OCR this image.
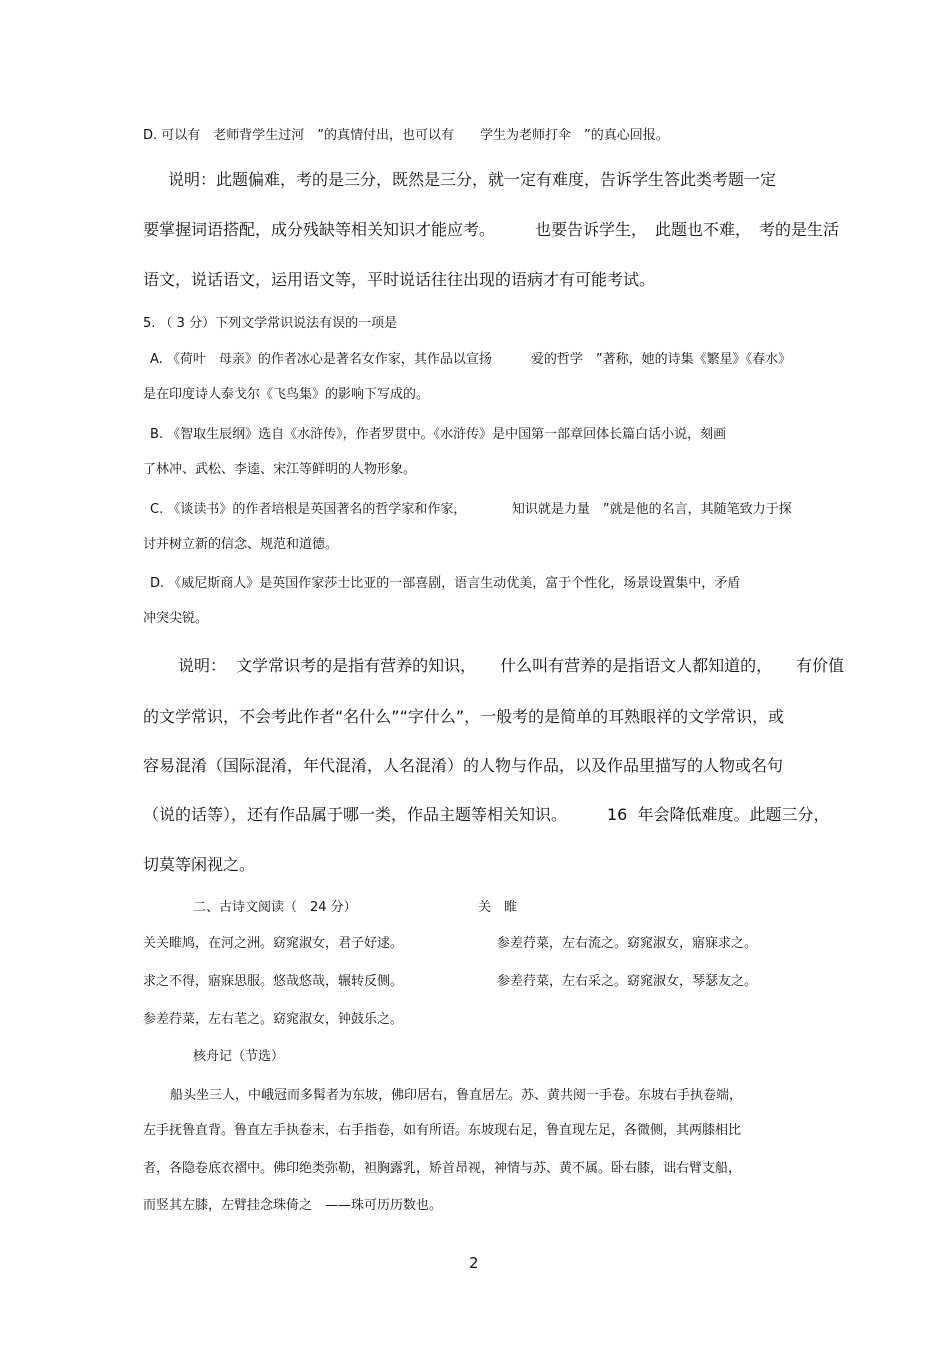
D. 可以有　老师背学生过河　”的真情付出，也可以有　　学生为老师打伞　”的真心回报。
说明：此题偏难，考的是三分，既然是三分，就一定有难度，告诉学生答此类考题一定
要掌握词语搭配，成分残缺等相关知识才能应考。　　　也要告诉学生，　此题也不难，　考的是生活
语文，说话语文，运用语文等，平时说话往往出现的语病才有可能考试。
5. （ 3 分）下列文学常识说法有误的一项是
A. 《荷叶　母亲》的作者冰心是著名女作家，其作品以宣扬　　　爱的哲学　”著称，她的诗集《繁星》《春水》
是在印度诗人泰戈尔《飞鸟集》的影响下写成的。
B. 《智取生辰纲》选自《水浒传》，作者罗贯中。《水浒传》是中国第一部章回体长篇白话小说，刻画
了林冲、武松、李逵、宋江等鲜明的人物形象。
C. 《谈读书》的作者培根是英国著名的哲学家和作家，　　　　知识就是力量　”就是他的名言，其随笔致力于探
讨并树立新的信念、规范和道德。
D. 《威尼斯商人》是英国作家莎士比亚的一部喜剧，语言生动优美，富于个性化，场景设置集中，矛盾
冲突尖锐。
说明：  文学常识考的是指有营养的知识，　　什么叫有营养的是指语文人都知道的，　　有价值
的文学常识，不会考此作者“名什么”“字什么”，一般考的是简单的耳熟眼祥的文学常识，或
容易混淆（国际混淆，年代混淆，人名混淆）的人物与作品，以及作品里描写的人物或名句
（说的话等），还有作品属于哪一类，作品主题等相关知识。　　　16  年会降低难度。此题三分，
切莫等闲视之。
二、古诗文阅读（　24 分）	关　睢
关关睢鸠，在河之洲。窈窕淑女，君子好逑。	参差荇菜，左右流之。窈窕淑女，寤寐求之。
求之不得，寤寐思服。悠哉悠哉，辗转反侧。	参差荇菜，左右采之。窈窕淑女，琴瑟友之。
参差荇菜，左右芼之。窈窕淑女，钟鼓乐之。
核舟记（节选）
船头坐三人，中峨冠而多髯者为东坡，佛印居右，鲁直居左。苏、黄共阅一手卷。东坡右手执卷端，
左手抚鲁直背。鲁直左手执卷末，右手指卷，如有所语。东坡现右足，鲁直现左足，各微侧，其两膝相比
者，各隐卷底衣褶中。佛印绝类弥勒，袒胸露乳，矫首昂视，神情与苏、黄不属。卧右膝，诎右臂支船，
而竖其左膝，左臂挂念珠倚之　——珠可历历数也。
2
